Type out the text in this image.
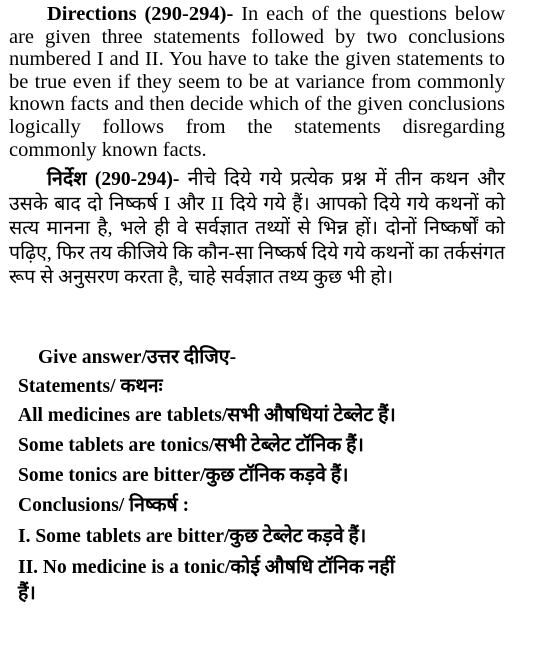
Directions (290-294)- In each of the questions below are given three statements followed by two conclusions numbered I and II. You have to take the given statements to be true even if they seem to be at variance from commonly known facts and then decide which of the given conclusions logically follows from the statements disregarding commonly known facts.

निर्देश (290-294)- नीचे दिये गये प्रत्येक प्रश्न में तीन कथन और उसके बाद दो निष्कर्ष I और II दिये गये हैं। आपको दिये गये कथनों को सत्य मानना है, भले ही वे सर्वज्ञात तथ्यों से भिन्न हों। दोनों निष्कर्षों को पढ़िए, फिर तय कीजिये कि कौन-सा निष्कर्ष दिये गये कथनों का तर्कसंगत रूप से अनुसरण करता है, चाहे सर्वज्ञात तथ्य कुछ भी हो।

Give answer/उत्तर दीजिए-

Statements/ कथनः

All medicines are tablets/सभी औषधियां टेब्लेट हैं।

Some tablets are tonics/सभी टेब्लेट टॉनिक हैं।

Some tonics are bitter/कुछ टॉनिक कड़वे हैं।

Conclusions/ निष्कर्ष :

I. Some tablets are bitter/कुछ टेब्लेट कड़वे हैं।

II. No medicine is a tonic/कोई औषधि टॉनिक नहीं

हैं।
